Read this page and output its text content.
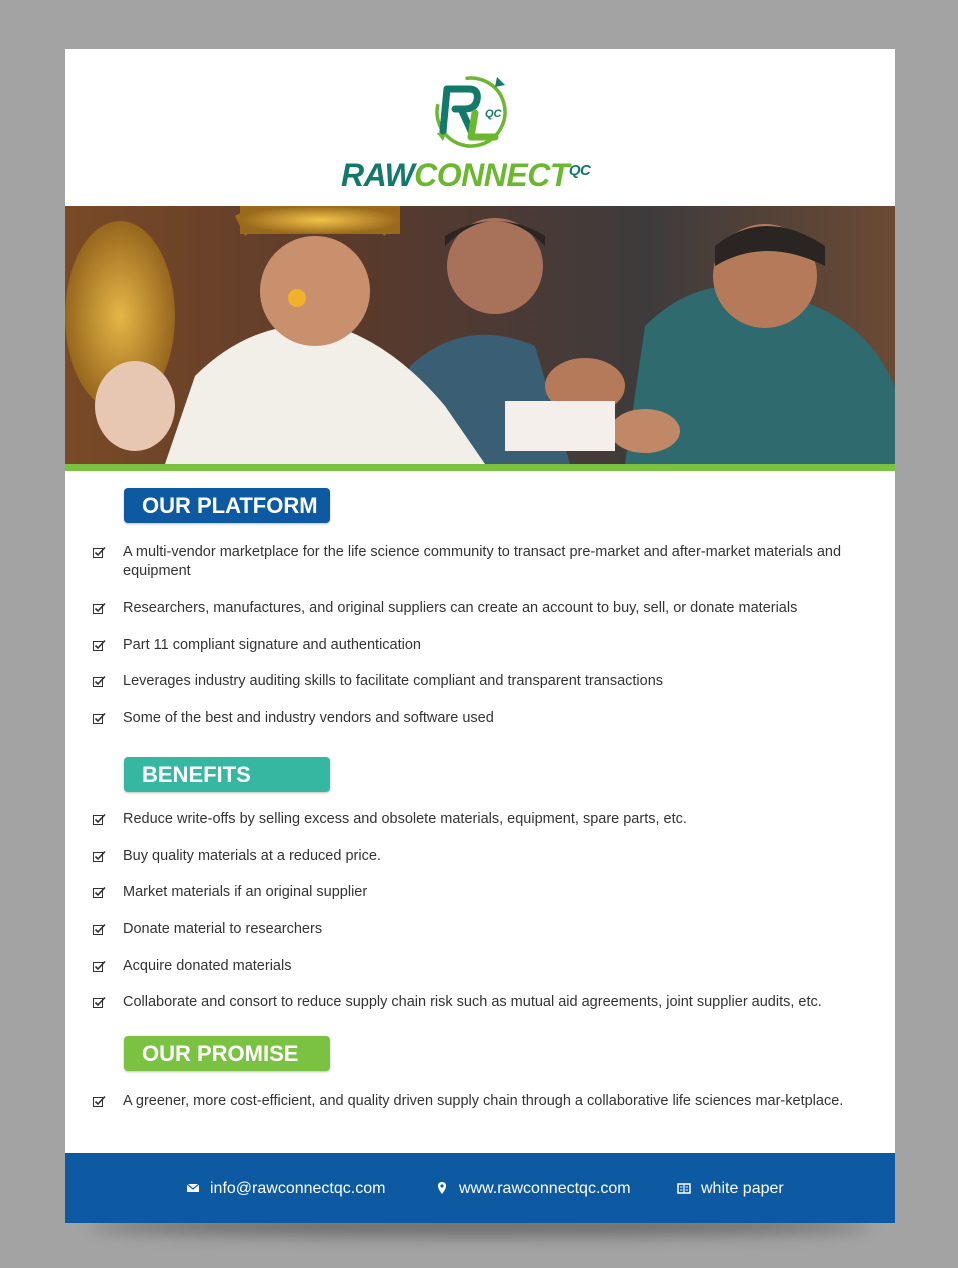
QC
$RAWCONNECT^{QC}$
OUR PLATFORM
A multi-vendor marketplace for the life science community to transact pre-market and after-market materials and equipment
Researchers, manufactures, and original suppliers can create an account to buy, sell, or donate materials
Part 11 compliant signature and authentication
Leverages industry auditing skills to facilitate compliant and transparent transactions
Some of the best and industry vendors and software used
BENEFITS
Reduce write-offs by selling excess and obsolete materials, equipment, spare parts, etc.
Buy quality materials at a reduced price.
Market materials if an original supplier
Donate material to researchers
Acquire donated materials
Collaborate and consort to reduce supply chain risk such as mutual aid agreements, joint supplier audits, etc.
OUR PROMISE
A greener, more cost-efficient, and quality driven supply chain through a collaborative life sciences mar-ketplace.
info@rawconnectqc.com	www.rawconnectqc.com	white paper
